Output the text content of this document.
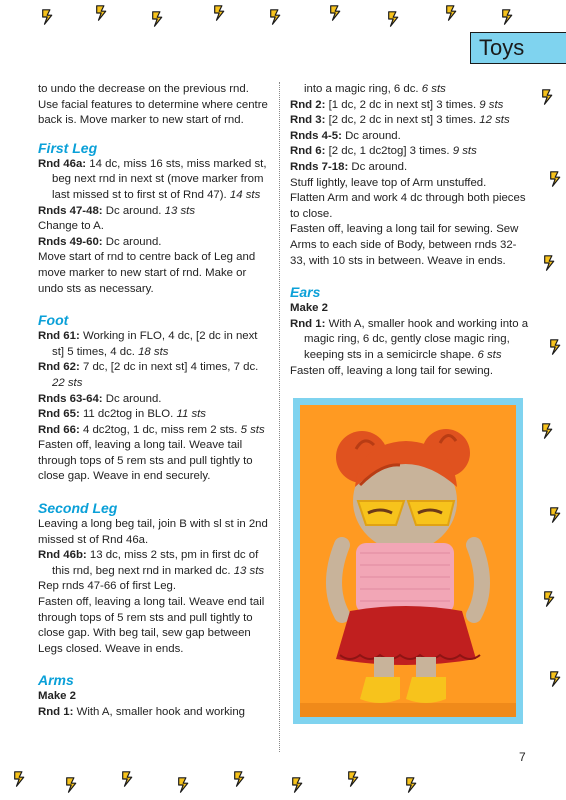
Toys

to undo the decrease on the previous rnd. Use facial features to determine where centre back is. Move marker to new start of rnd.

First Leg

Rnd 46a: 14 dc, miss 16 sts, miss marked st, beg next rnd in next st (move marker from last missed st to first st of Rnd 47). 14 sts

Rnds 47-48: Dc around. 13 sts

Change to A.

Rnds 49-60: Dc around.

Move start of rnd to centre back of Leg and move marker to new start of rnd. Make or undo sts as necessary.

Foot

Rnd 61: Working in FLO, 4 dc, [2 dc in next st] 5 times, 4 dc. 18 sts

Rnd 62: 7 dc, [2 dc in next st] 4 times, 7 dc. 22 sts

Rnds 63-64: Dc around.

Rnd 65: 11 dc2tog in BLO. 11 sts

Rnd 66: 4 dc2tog, 1 dc, miss rem 2 sts. 5 sts

Fasten off, leaving a long tail. Weave tail through tops of 5 rem sts and pull tightly to close gap. Weave in end securely.

Second Leg

Leaving a long beg tail, join B with sl st in 2nd missed st of Rnd 46a.

Rnd 46b: 13 dc, miss 2 sts, pm in first dc of this rnd, beg next rnd in marked dc. 13 sts

Rep rnds 47-66 of first Leg.

Fasten off, leaving a long tail. Weave end tail through tops of 5 rem sts and pull tightly to close gap. With beg tail, sew gap between Legs closed. Weave in ends.

Arms

Make 2

Rnd 1: With A, smaller hook and working

into a magic ring, 6 dc. 6 sts

Rnd 2: [1 dc, 2 dc in next st] 3 times. 9 sts

Rnd 3: [2 dc, 2 dc in next st] 3 times. 12 sts

Rnds 4-5: Dc around.

Rnd 6: [2 dc, 1 dc2tog] 3 times. 9 sts

Rnds 7-18: Dc around.

Stuff lightly, leave top of Arm unstuffed.

Flatten Arm and work 4 dc through both pieces to close.

Fasten off, leaving a long tail for sewing. Sew Arms to each side of Body, between rnds 32-33, with 10 sts in between. Weave in ends.

Ears

Make 2

Rnd 1: With A, smaller hook and working into a magic ring, 6 dc, gently close magic ring, keeping sts in a semicircle shape. 6 sts

Fasten off, leaving a long tail for sewing.

7
PassionForum.ru
